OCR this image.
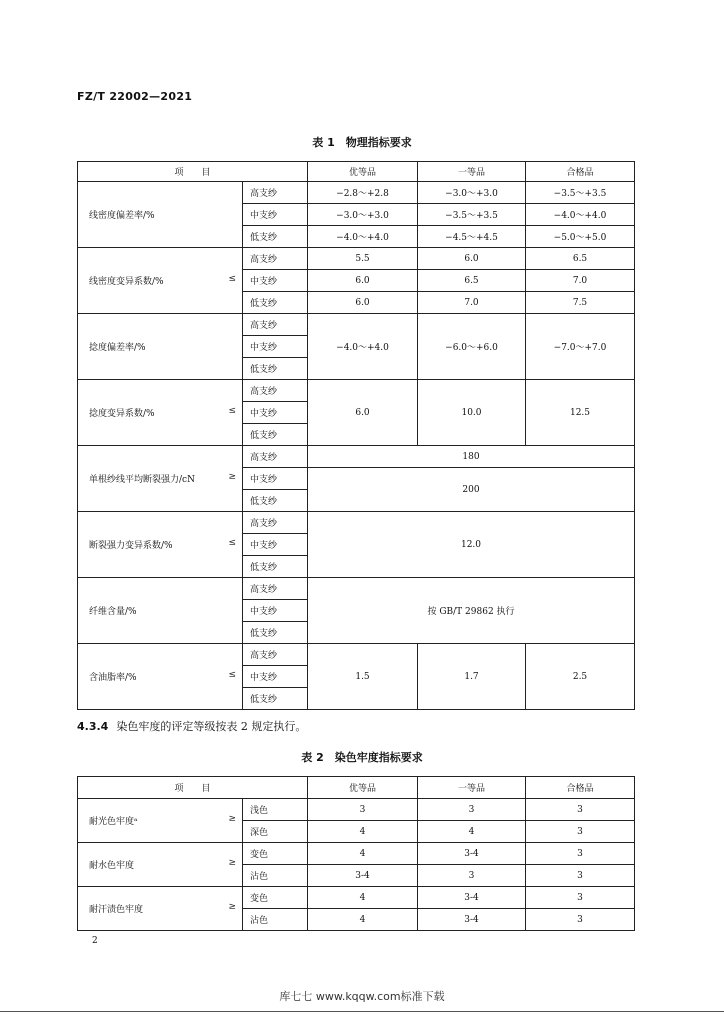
FZ/T 22002—2021
表 1　物理指标要求
项　　目		优等品	一等品	合格品
线密度偏差率/%	高支纱	−2.8～+2.8	−3.0～+3.0	−3.5～+3.5
	中支纱	−3.0～+3.0	−3.5～+3.5	−4.0～+4.0
	低支纱	−4.0～+4.0	−4.5～+4.5	−5.0～+5.0
线密度变异系数/% ≤	高支纱	5.5	6.0	6.5
	中支纱	6.0	6.5	7.0
	低支纱	6.0	7.0	7.5
捻度偏差率/%	高支纱	−4.0～+4.0	−6.0～+6.0	−7.0～+7.0
	中支纱			
	低支纱			
捻度变异系数/% ≤	高支纱	6.0	10.0	12.5
	中支纱			
	低支纱			
单根纱线平均断裂强力/cN ≥	高支纱	180		
	中支纱	200		
	低支纱			
断裂强力变异系数/% ≤	高支纱	12.0		
	中支纱			
	低支纱			
纤维含量/%	高支纱	按 GB/T 29862 执行		
	中支纱			
	低支纱			
含油脂率/% ≤	高支纱	1.5	1.7	2.5
	中支纱			
	低支纱			
4.3.4 染色牢度的评定等级按表 2 规定执行。
表 2　染色牢度指标要求
项　　目		优等品	一等品	合格品
耐光色牢度ᵃ ≥	浅色	3	3	3
	深色	4	4	3
耐水色牢度 ≥	变色	4	3-4	3
	沾色	3-4	3	3
耐汗渍色牢度 ≥	变色	4	3-4	3
	沾色	4	3-4	3
2
库七七 www.kqqw.com标准下载
